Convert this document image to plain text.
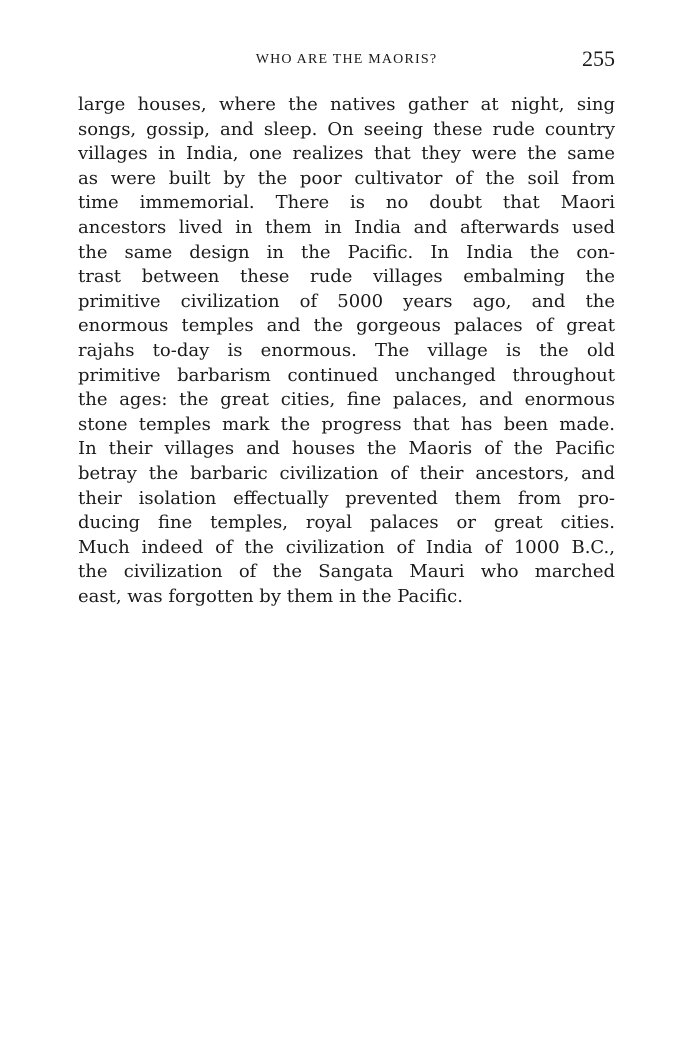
WHO ARE THE MAORIS?	255
large houses, where the natives gather at night, sing
songs, gossip, and sleep. On seeing these rude country
villages in India, one realizes that they were the same
as were built by the poor cultivator of the soil from
time immemorial. There is no doubt that Maori
ancestors lived in them in India and afterwards used
the same design in the Pacific. In India the con-
trast between these rude villages embalming the
primitive civilization of 5000 years ago, and the
enormous temples and the gorgeous palaces of great
rajahs to-day is enormous. The village is the old
primitive barbarism continued unchanged throughout
the ages: the great cities, fine palaces, and enormous
stone temples mark the progress that has been made.
In their villages and houses the Maoris of the Pacific
betray the barbaric civilization of their ancestors, and
their isolation effectually prevented them from pro-
ducing fine temples, royal palaces or great cities.
Much indeed of the civilization of India of 1000 B.C.,
the civilization of the Sangata Mauri who marched
east, was forgotten by them in the Pacific.
